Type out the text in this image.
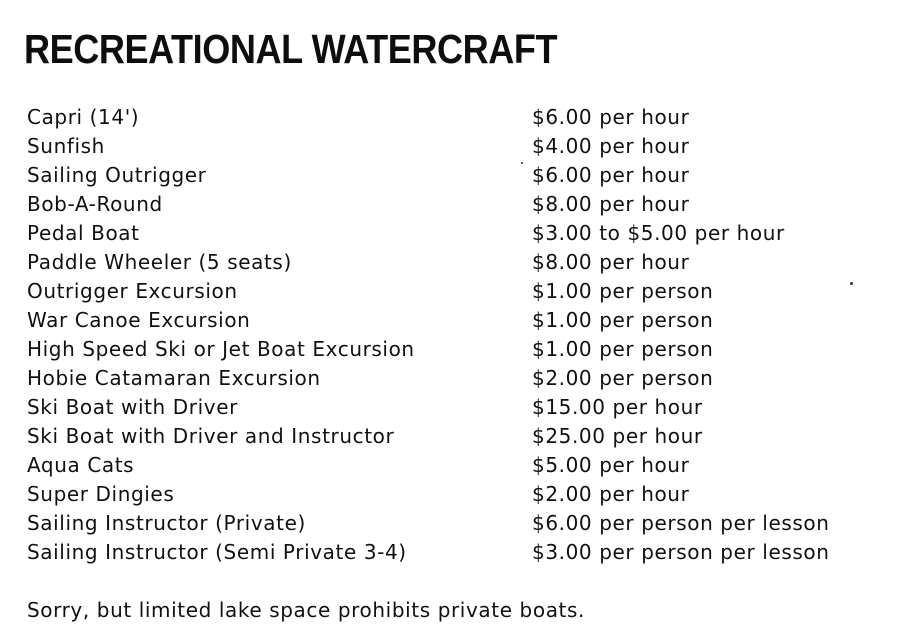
RECREATIONAL WATERCRAFT
Capri (14')	$6.00 per hour
Sunfish	$4.00 per hour
Sailing Outrigger	$6.00 per hour
Bob-A-Round	$8.00 per hour
Pedal Boat	$3.00 to $5.00 per hour
Paddle Wheeler (5 seats)	$8.00 per hour
Outrigger Excursion	$1.00 per person
War Canoe Excursion	$1.00 per person
High Speed Ski or Jet Boat Excursion	$1.00 per person
Hobie Catamaran Excursion	$2.00 per person
Ski Boat with Driver	$15.00 per hour
Ski Boat with Driver and Instructor	$25.00 per hour
Aqua Cats	$5.00 per hour
Super Dingies	$2.00 per hour
Sailing Instructor (Private)	$6.00 per person per lesson
Sailing Instructor (Semi Private 3-4)	$3.00 per person per lesson
Sorry, but limited lake space prohibits private boats.
